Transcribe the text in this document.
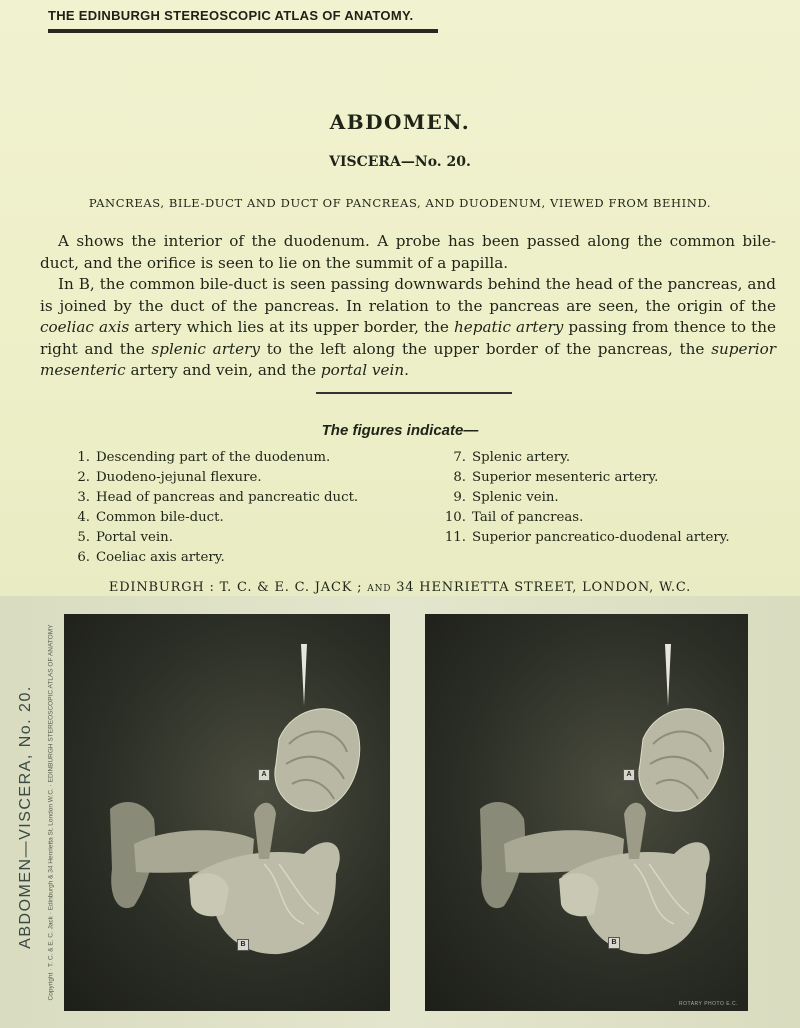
THE EDINBURGH STEREOSCOPIC ATLAS OF ANATOMY.
ABDOMEN.
VISCERA—No. 20.
PANCREAS, BILE-DUCT AND DUCT OF PANCREAS, AND DUODENUM, VIEWED FROM BEHIND.
A shows the interior of the duodenum. A probe has been passed along the common bile-duct, and the orifice is seen to lie on the summit of a papilla.
In B, the common bile-duct is seen passing downwards behind the head of the pancreas, and is joined by the duct of the pancreas. In relation to the pancreas are seen, the origin of the coeliac axis artery which lies at its upper border, the hepatic artery passing from thence to the right and the splenic artery to the left along the upper border of the pancreas, the superior mesenteric artery and vein, and the portal vein.
The figures indicate—
1. Descending part of the duodenum.
2. Duodeno-jejunal flexure.
3. Head of pancreas and pancreatic duct.
4. Common bile-duct.
5. Portal vein.
6. Coeliac axis artery.
7. Splenic artery.
8. Superior mesenteric artery.
9. Splenic vein.
10. Tail of pancreas.
11. Superior pancreatico-duodenal artery.
EDINBURGH : T. C. & E. C. JACK ; AND 34 HENRIETTA STREET, LONDON, W.C.
ABDOMEN—VISCERA, No. 20. Copyright · T. C. & E. C. Jack · Edinburgh & 34 Henrietta St. London W.C. · EDINBURGH STEREOSCOPIC ATLAS OF ANATOMY	A
B
A
B
ROTARY PHOTO E.C.
